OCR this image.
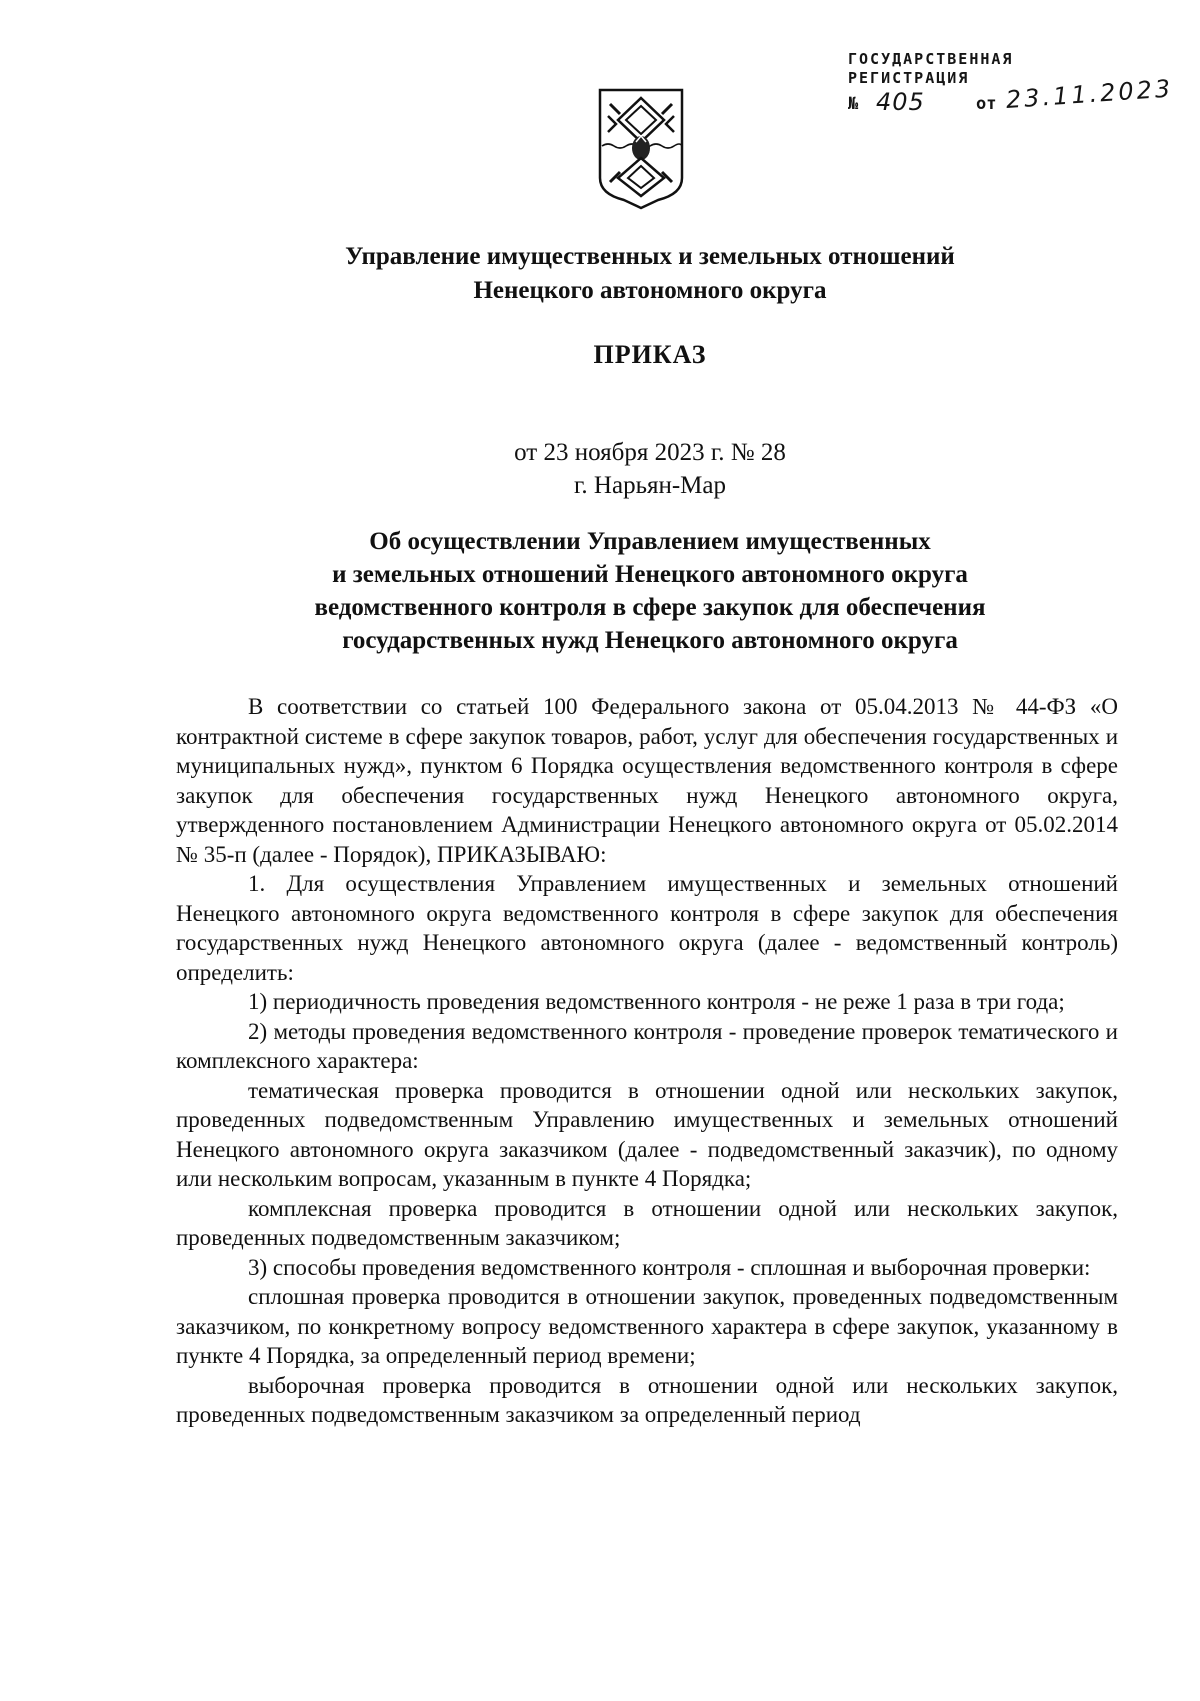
ГОСУДАРСТВЕННАЯ
РЕГИСТРАЦИЯ
№ 405	от 23.11.2023
Управление имущественных и земельных отношений
Ненецкого автономного округа
ПРИКАЗ
от 23 ноября 2023 г. № 28
г. Нарьян-Мар
Об осуществлении Управлением имущественных
и земельных отношений Ненецкого автономного округа
ведомственного контроля в сфере закупок для обеспечения
государственных нужд Ненецкого автономного округа

В соответствии со статьей 100 Федерального закона от 05.04.2013 № 44-ФЗ «О контрактной системе в сфере закупок товаров, работ, услуг для обеспечения государственных и муниципальных нужд», пунктом 6 Порядка осуществления ведомственного контроля в сфере закупок для обеспечения государственных нужд Ненецкого автономного округа, утвержденного постановлением Администрации Ненецкого автономного округа от 05.02.2014 № 35-п (далее - Порядок), ПРИКАЗЫВАЮ:

1. Для осуществления Управлением имущественных и земельных отношений Ненецкого автономного округа ведомственного контроля в сфере закупок для обеспечения государственных нужд Ненецкого автономного округа (далее - ведомственный контроль) определить:

1) периодичность проведения ведомственного контроля - не реже 1 раза в три года;

2) методы проведения ведомственного контроля - проведение проверок тематического и комплексного характера:

тематическая проверка проводится в отношении одной или нескольких закупок, проведенных подведомственным Управлению имущественных и земельных отношений Ненецкого автономного округа заказчиком (далее - подведомственный заказчик), по одному или нескольким вопросам, указанным в пункте 4 Порядка;

комплексная проверка проводится в отношении одной или нескольких закупок, проведенных подведомственным заказчиком;

3) способы проведения ведомственного контроля - сплошная и выборочная проверки:

сплошная проверка проводится в отношении закупок, проведенных подведомственным заказчиком, по конкретному вопросу ведомственного характера в сфере закупок, указанному в пункте 4 Порядка, за определенный период времени;

выборочная проверка проводится в отношении одной или нескольких закупок, проведенных подведомственным заказчиком за определенный период
